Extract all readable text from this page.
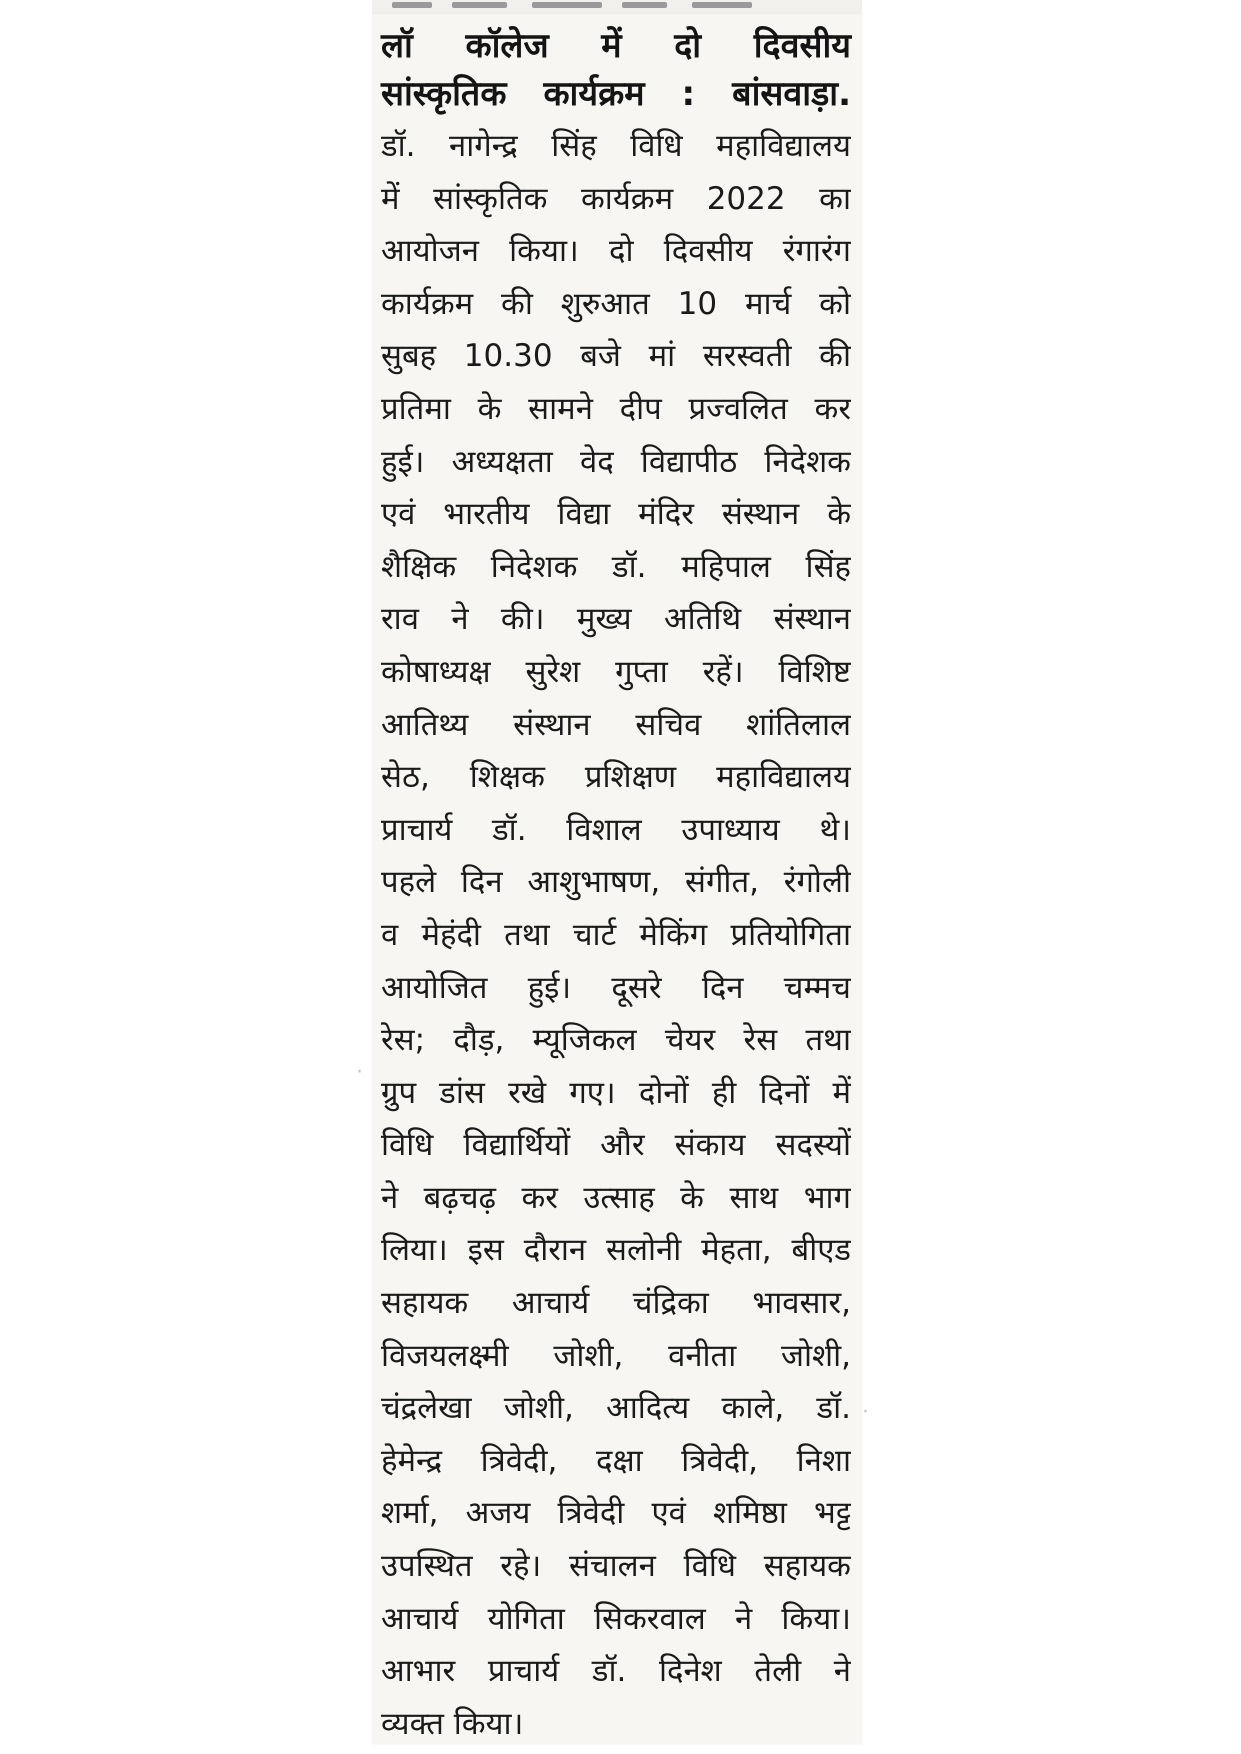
लॉ कॉलेज में दो दिवसीय
सांस्कृतिक कार्यक्रम : बांसवाड़ा.
डॉ. नागेन्द्र सिंह विधि महाविद्यालय
में सांस्कृतिक कार्यक्रम 2022 का
आयोजन किया। दो दिवसीय रंगारंग
कार्यक्रम की शुरुआत 10 मार्च को
सुबह 10.30 बजे मां सरस्वती की
प्रतिमा के सामने दीप प्रज्वलित कर
हुई। अध्यक्षता वेद विद्यापीठ निदेशक
एवं भारतीय विद्या मंदिर संस्थान के
शैक्षिक निदेशक डॉ. महिपाल सिंह
राव ने की। मुख्य अतिथि संस्थान
कोषाध्यक्ष सुरेश गुप्ता रहें। विशिष्ट
आतिथ्य संस्थान सचिव शांतिलाल
सेठ, शिक्षक प्रशिक्षण महाविद्यालय
प्राचार्य डॉ. विशाल उपाध्याय थे।
पहले दिन आशुभाषण, संगीत, रंगोली
व मेहंदी तथा चार्ट मेकिंग प्रतियोगिता
आयोजित हुई। दूसरे दिन चम्मच
रेस; दौड़, म्यूजिकल चेयर रेस तथा
ग्रुप डांस रखे गए। दोनों ही दिनों में
विधि विद्यार्थियों और संकाय सदस्यों
ने बढ़चढ़ कर उत्साह के साथ भाग
लिया। इस दौरान सलोनी मेहता, बीएड
सहायक आचार्य चंद्रिका भावसार,
विजयलक्ष्मी जोशी, वनीता जोशी,
चंद्रलेखा जोशी, आदित्य काले, डॉ.
हेमेन्द्र त्रिवेदी, दक्षा त्रिवेदी, निशा
शर्मा, अजय त्रिवेदी एवं शमिष्ठा भट्ट
उपस्थित रहे। संचालन विधि सहायक
आचार्य योगिता सिकरवाल ने किया।
आभार प्राचार्य डॉ. दिनेश तेली ने
व्यक्त किया।
·
·
